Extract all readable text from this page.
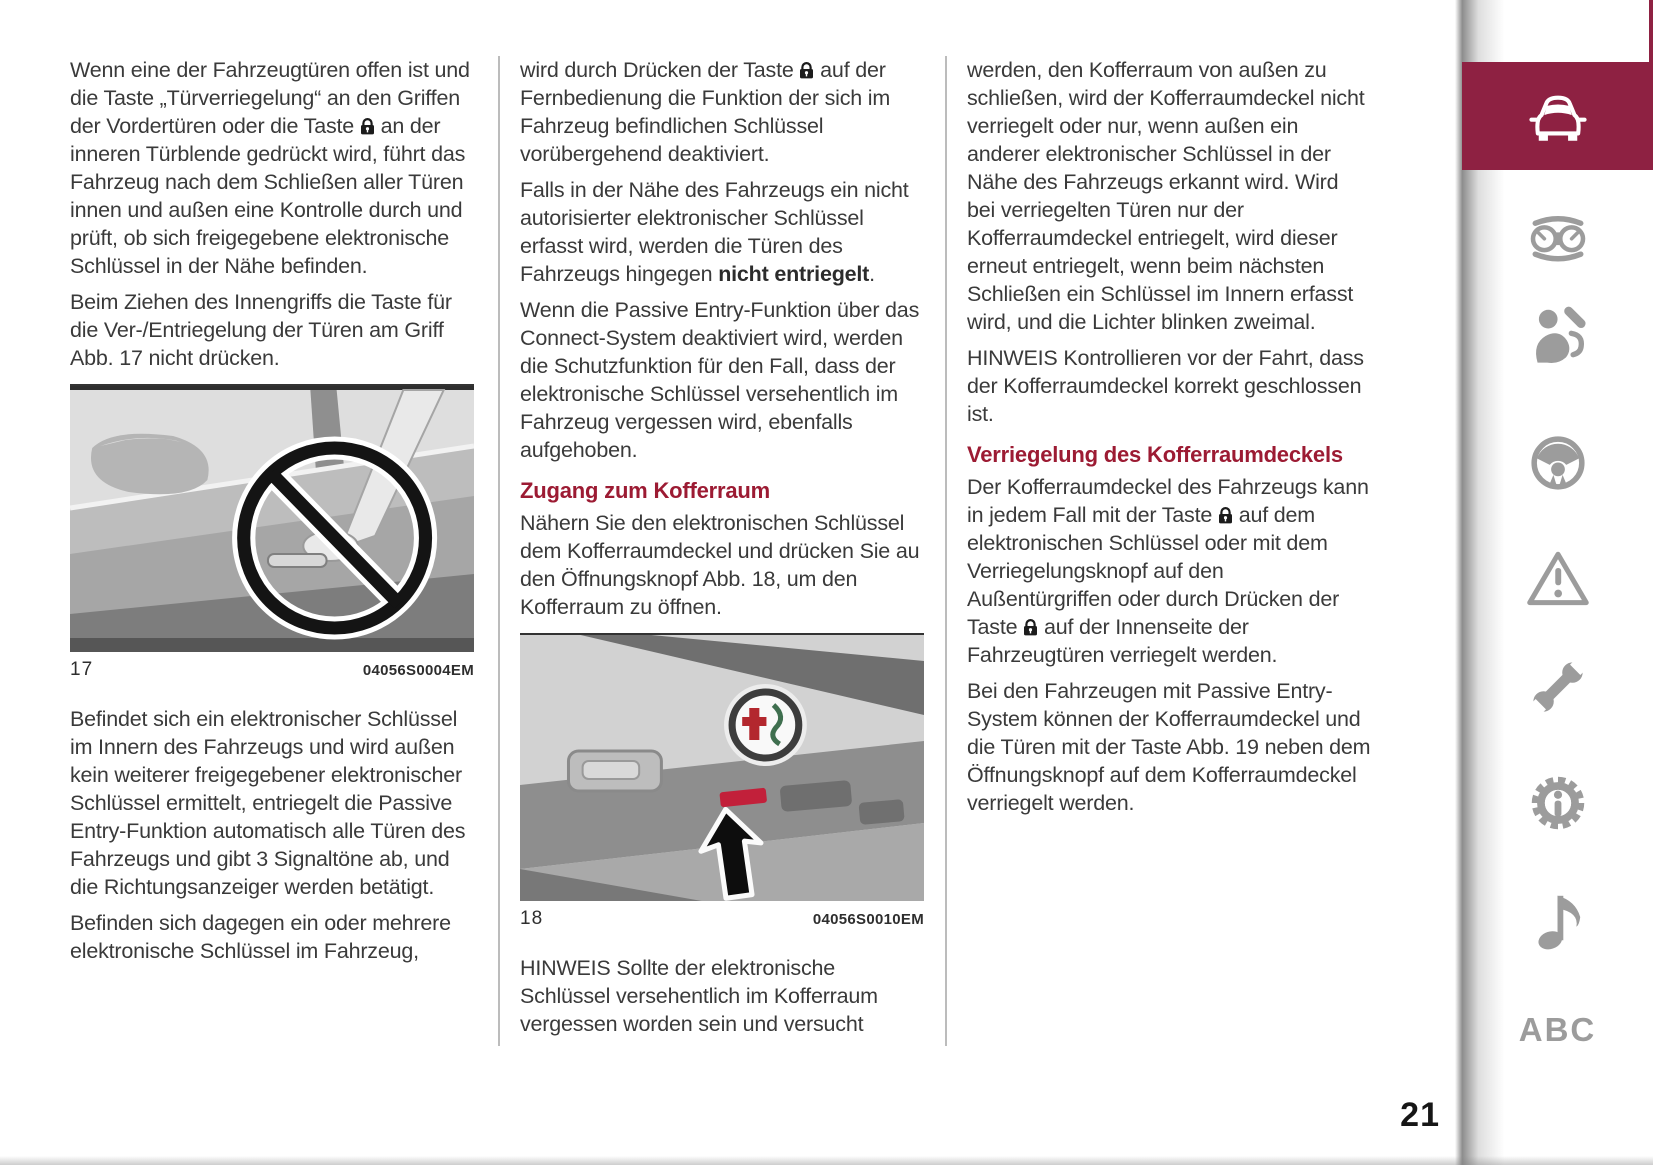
Wenn eine der Fahrzeugtüren offen ist und die Taste „Türverriegelung“ an den Griffen der Vordertüren oder die Taste  an der inneren Türblende gedrückt wird, führt das Fahrzeug nach dem Schließen aller Türen innen und außen eine Kontrolle durch und prüft, ob sich freigegebene elektronische Schlüssel in der Nähe befinden.

Beim Ziehen des Innengriffs die Taste für die Ver-/Entriegelung der Türen am Griff Abb. 17 nicht drücken.

17	04056S0004EM

Befindet sich ein elektronischer Schlüssel im Innern des Fahrzeugs und wird außen kein weiterer freigegebener elektronischer Schlüssel ermittelt, entriegelt die Passive Entry-Funktion automatisch alle Türen des Fahrzeugs und gibt 3 Signaltöne ab, und die Richtungsanzeiger werden betätigt.

Befinden sich dagegen ein oder mehrere elektronische Schlüssel im Fahrzeug,

wird durch Drücken der Taste  auf der Fernbedienung die Funktion der sich im Fahrzeug befindlichen Schlüssel vorübergehend deaktiviert.

Falls in der Nähe des Fahrzeugs ein nicht autorisierter elektronischer Schlüssel erfasst wird, werden die Türen des Fahrzeugs hingegen nicht entriegelt.

Wenn die Passive Entry-Funktion über das Connect-System deaktiviert wird, werden die Schutzfunktion für den Fall, dass der elektronische Schlüssel versehentlich im Fahrzeug vergessen wird, ebenfalls aufgehoben.

Zugang zum Kofferraum

Nähern Sie den elektronischen Schlüssel dem Kofferraumdeckel und drücken Sie au den Öffnungsknopf Abb. 18, um den Kofferraum zu öffnen.

18	04056S0010EM

HINWEIS Sollte der elektronische Schlüssel versehentlich im Kofferraum vergessen worden sein und versucht

werden, den Kofferraum von außen zu schließen, wird der Kofferraumdeckel nicht verriegelt oder nur, wenn außen ein anderer elektronischer Schlüssel in der Nähe des Fahrzeugs erkannt wird. Wird bei verriegelten Türen nur der Kofferraumdeckel entriegelt, wird dieser erneut entriegelt, wenn beim nächsten Schließen ein Schlüssel im Innern erfasst wird, und die Lichter blinken zweimal.

HINWEIS Kontrollieren vor der Fahrt, dass der Kofferraumdeckel korrekt geschlossen ist.

Verriegelung des Kofferraumdeckels

Der Kofferraumdeckel des Fahrzeugs kann in jedem Fall mit der Taste  auf dem elektronischen Schlüssel oder mit dem Verriegelungsknopf auf den Außentürgriffen oder durch Drücken der Taste  auf der Innenseite der Fahrzeugtüren verriegelt werden.

Bei den Fahrzeugen mit Passive Entry-System können der Kofferraumdeckel und die Türen mit der Taste Abb. 19 neben dem Öffnungsknopf auf dem Kofferraumdeckel verriegelt werden.

21
ABC
